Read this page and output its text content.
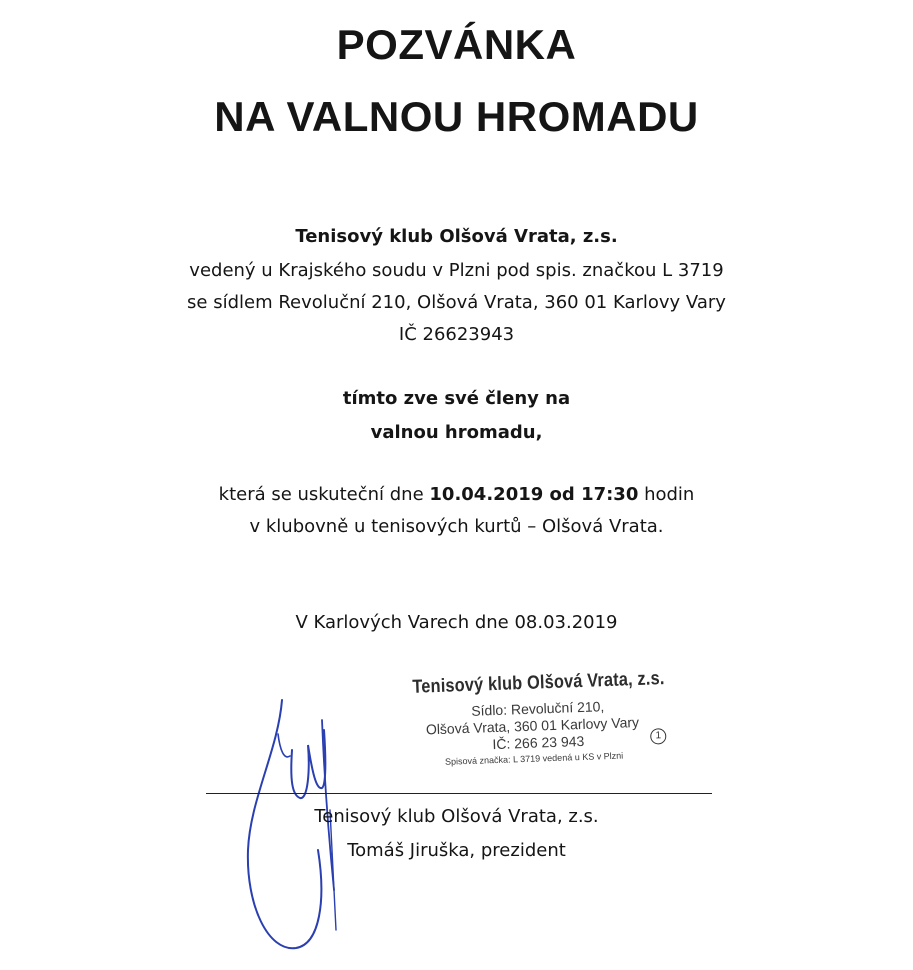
POZVÁNKA
NA VALNOU HROMADU
Tenisový klub Olšová Vrata, z.s.
vedený u Krajského soudu v Plzni pod spis. značkou L 3719
se sídlem Revoluční 210, Olšová Vrata, 360 01 Karlovy Vary
IČ 26623943
tímto zve své členy na
valnou hromadu,
která se uskuteční dne 10.04.2019 od 17:30 hodin
v klubovně u tenisových kurtů – Olšová Vrata.
V Karlových Varech dne 08.03.2019
Tenisový klub Olšová Vrata, z.s.
Sídlo: Revoluční 210,
Olšová Vrata, 360 01 Karlovy Vary
IČ: 266 23 943	1
Spisová značka: L 3719 vedená u KS v Plzni
Tenisový klub Olšová Vrata, z.s.
Tomáš Jiruška, prezident
